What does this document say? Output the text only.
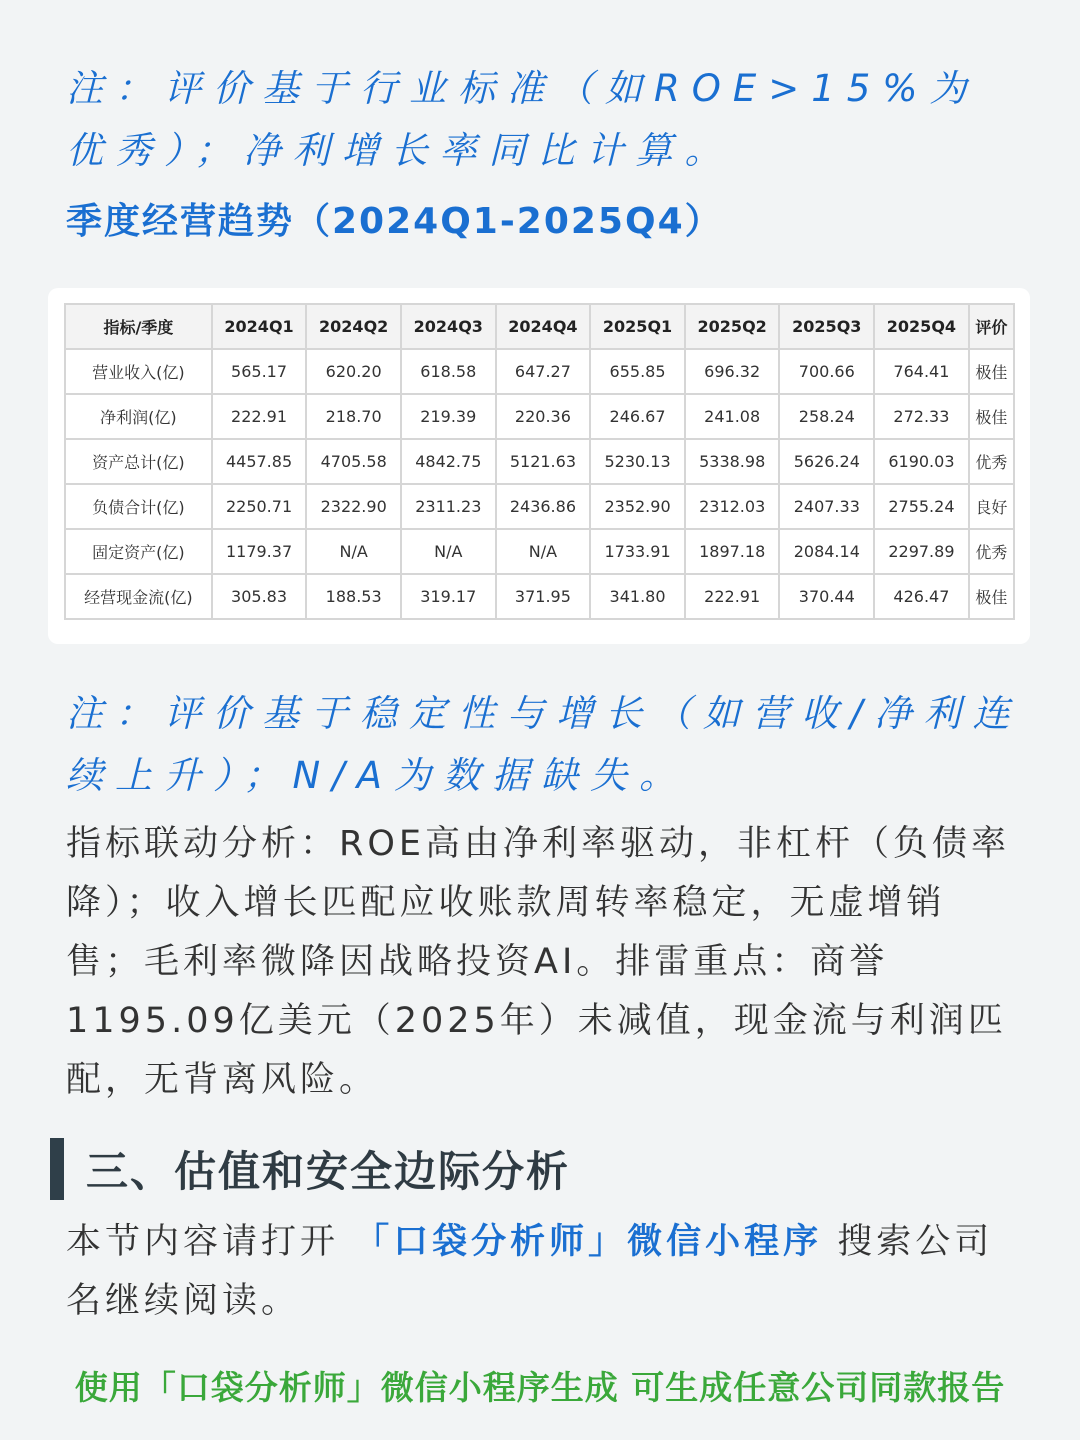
注：评价基于行业标准（如ROE>15%为优秀）；净利增长率同比计算。

季度经营趋势（2024Q1-2025Q4）
指标/季度	2024Q1	2024Q2	2024Q3	2024Q4	2025Q1	2025Q2	2025Q3	2025Q4	评价
营业收入(亿)	565.17	620.20	618.58	647.27	655.85	696.32	700.66	764.41	极佳
净利润(亿)	222.91	218.70	219.39	220.36	246.67	241.08	258.24	272.33	极佳
资产总计(亿)	4457.85	4705.58	4842.75	5121.63	5230.13	5338.98	5626.24	6190.03	优秀
负债合计(亿)	2250.71	2322.90	2311.23	2436.86	2352.90	2312.03	2407.33	2755.24	良好
固定资产(亿)	1179.37	N/A	N/A	N/A	1733.91	1897.18	2084.14	2297.89	优秀
经营现金流(亿)	305.83	188.53	319.17	371.95	341.80	222.91	370.44	426.47	极佳

注：评价基于稳定性与增长（如营收/净利连续上升）；N/A为数据缺失。

指标联动分析：ROE高由净利率驱动，非杠杆（负债率降）；收入增长匹配应收账款周转率稳定，无虚增销售；毛利率微降因战略投资AI。排雷重点：商誉1195.09亿美元（2025年）未减值，现金流与利润匹配，无背离风险。

三、估值和安全边际分析

本节内容请打开 「口袋分析师」微信小程序 搜索公司名继续阅读。

使用「口袋分析师」微信小程序生成 可生成任意公司同款报告
